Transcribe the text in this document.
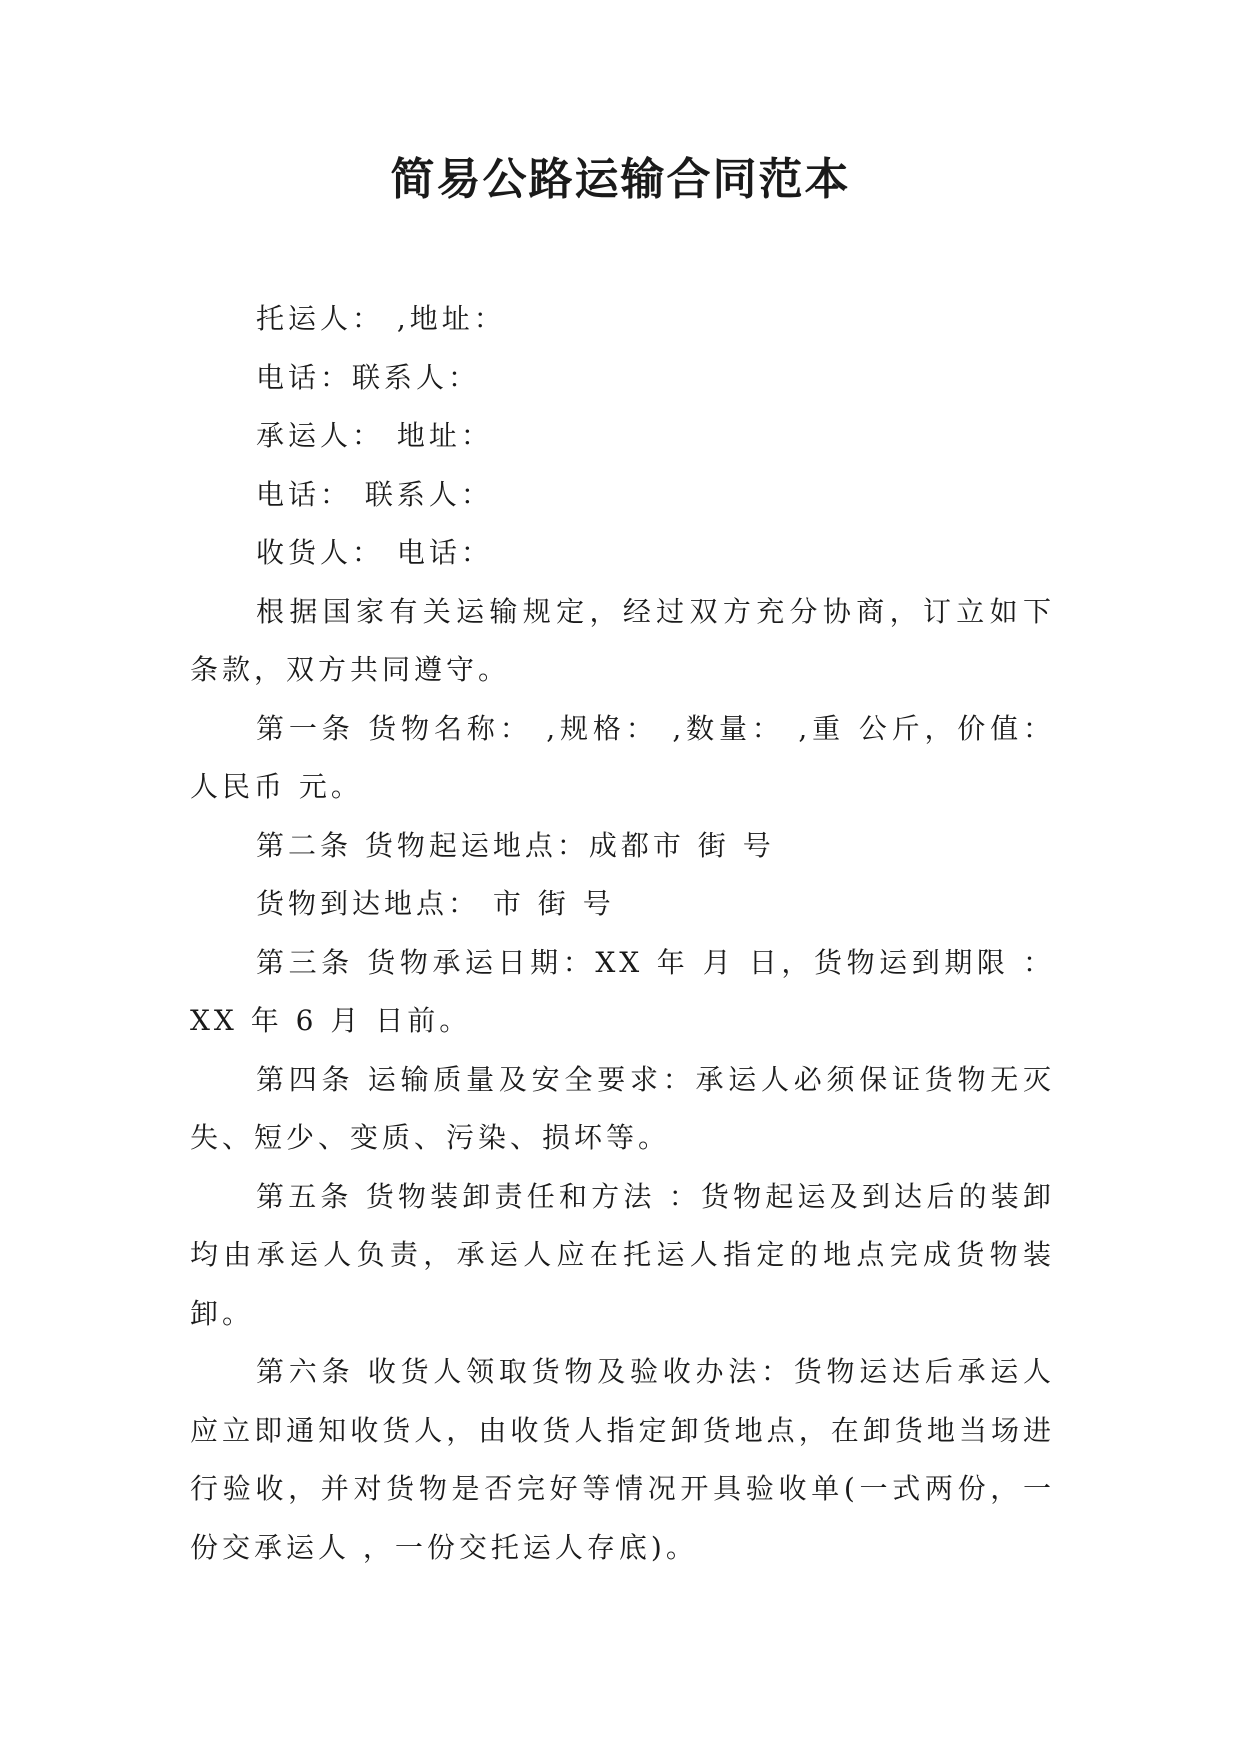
简易公路运输合同范本

托运人： ,地址：

电话：联系人：

承运人： 地址：

电话： 联系人：

收货人： 电话：

根据国家有关运输规定，经过双方充分协商，订立如下条款，双方共同遵守。

第一条 货物名称： ,规格： ,数量： ,重 公斤，价值：人民币 元。

第二条 货物起运地点：成都市 街 号

货物到达地点： 市 街 号

第三条 货物承运日期：XX 年 月 日，货物运到期限 ：XX 年 6 月 日前。

第四条 运输质量及安全要求：承运人必须保证货物无灭失、短少、变质、污染、损坏等。

第五条 货物装卸责任和方法 ：货物起运及到达后的装卸均由承运人负责，承运人应在托运人指定的地点完成货物装卸。

第六条 收货人领取货物及验收办法：货物运达后承运人应立即通知收货人，由收货人指定卸货地点，在卸货地当场进行验收，并对货物是否完好等情况开具验收单(一式两份，一份交承运人 ，一份交托运人存底)。
